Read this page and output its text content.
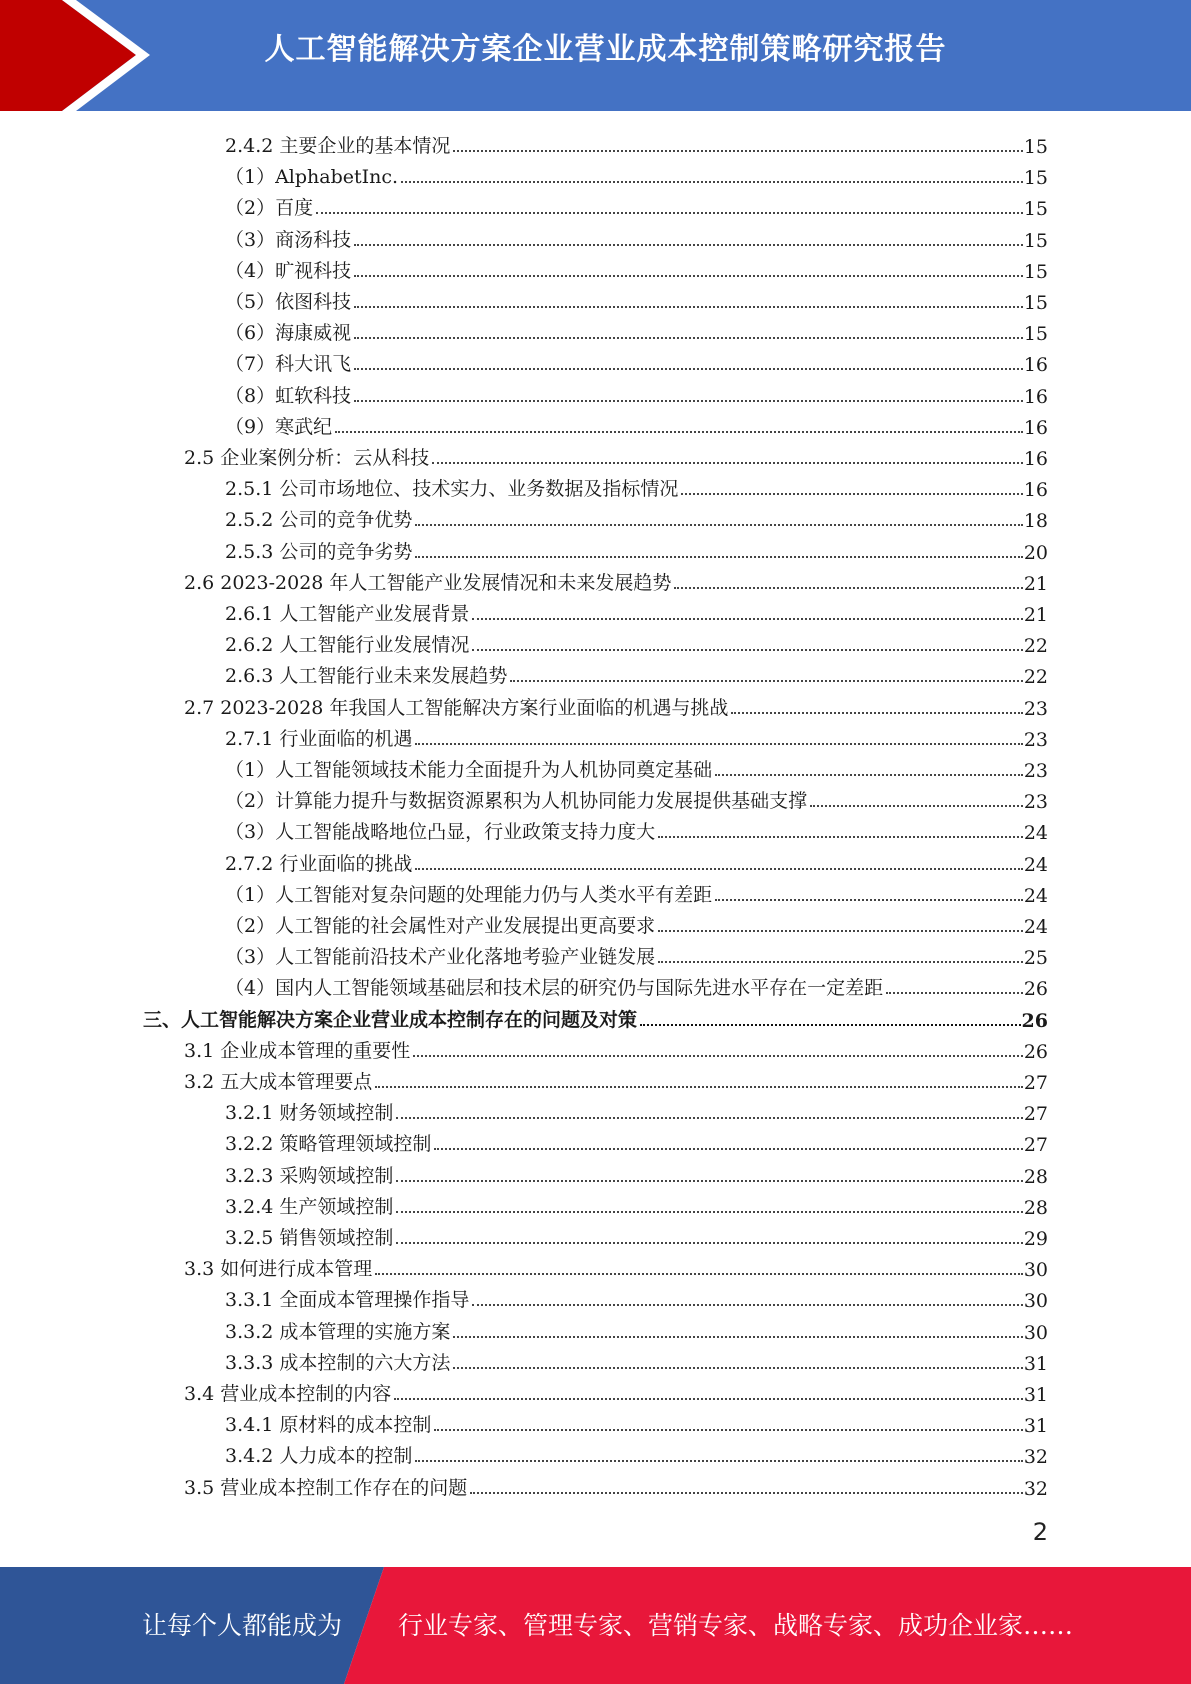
人工智能解决方案企业营业成本控制策略研究报告
2.4.2 主要企业的基本情况	15
（1）AlphabetInc.	15
（2）百度	15
（3）商汤科技	15
（4）旷视科技	15
（5）依图科技	15
（6）海康威视	15
（7）科大讯飞	16
（8）虹软科技	16
（9）寒武纪	16
2.5 企业案例分析：云从科技	16
2.5.1 公司市场地位、技术实力、业务数据及指标情况	16
2.5.2 公司的竞争优势	18
2.5.3 公司的竞争劣势	20
2.6 2023-2028 年人工智能产业发展情况和未来发展趋势	21
2.6.1 人工智能产业发展背景	21
2.6.2 人工智能行业发展情况	22
2.6.3 人工智能行业未来发展趋势	22
2.7 2023-2028 年我国人工智能解决方案行业面临的机遇与挑战	23
2.7.1 行业面临的机遇	23
（1）人工智能领域技术能力全面提升为人机协同奠定基础	23
（2）计算能力提升与数据资源累积为人机协同能力发展提供基础支撑	23
（3）人工智能战略地位凸显，行业政策支持力度大	24
2.7.2 行业面临的挑战	24
（1）人工智能对复杂问题的处理能力仍与人类水平有差距	24
（2）人工智能的社会属性对产业发展提出更高要求	24
（3）人工智能前沿技术产业化落地考验产业链发展	25
（4）国内人工智能领域基础层和技术层的研究仍与国际先进水平存在一定差距	26
三、人工智能解决方案企业营业成本控制存在的问题及对策	26
3.1 企业成本管理的重要性	26
3.2 五大成本管理要点	27
3.2.1 财务领域控制	27
3.2.2 策略管理领域控制	27
3.2.3 采购领域控制	28
3.2.4 生产领域控制	28
3.2.5 销售领域控制	29
3.3 如何进行成本管理	30
3.3.1 全面成本管理操作指导	30
3.3.2 成本管理的实施方案	30
3.3.3 成本控制的六大方法	31
3.4 营业成本控制的内容	31
3.4.1 原材料的成本控制	31
3.4.2 人力成本的控制	32
3.5 营业成本控制工作存在的问题	32
2
让每个人都能成为 行业专家、管理专家、营销专家、战略专家、成功企业家……
